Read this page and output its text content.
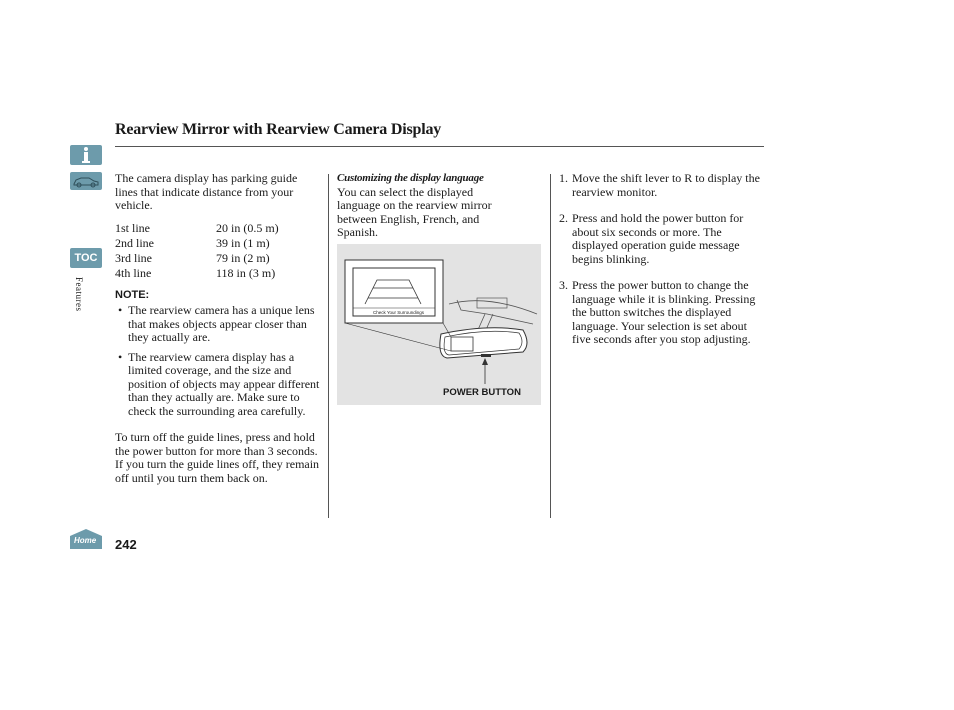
TOC
Features
Home
Rearview Mirror with Rearview Camera Display

The camera display has parking guide lines that indicate distance from your vehicle.

1st line	20 in (0.5 m)
2nd line	39 in (1 m)
3rd line	79 in (2 m)
4th line	118 in (3 m)
NOTE:
• The rearview camera has a unique lens that makes objects appear closer than they actually are.
• The rearview camera display has a limited coverage, and the size and position of objects may appear different than they actually are. Make sure to check the surrounding area carefully.

To turn off the guide lines, press and hold the power button for more than 3 seconds. If you turn the guide lines off, they remain off until you turn them back on.

Customizing the display language

You can select the displayed language on the rearview mirror between English, French, and Spanish.

Check Your Surroundings
POWER BUTTON
1. Move the shift lever to R to display the rearview monitor.
2. Press and hold the power button for about six seconds or more. The displayed operation guide message begins blinking.
3. Press the power button to change the language while it is blinking. Pressing the button switches the displayed language. Your selection is set about five seconds after you stop adjusting.
242
